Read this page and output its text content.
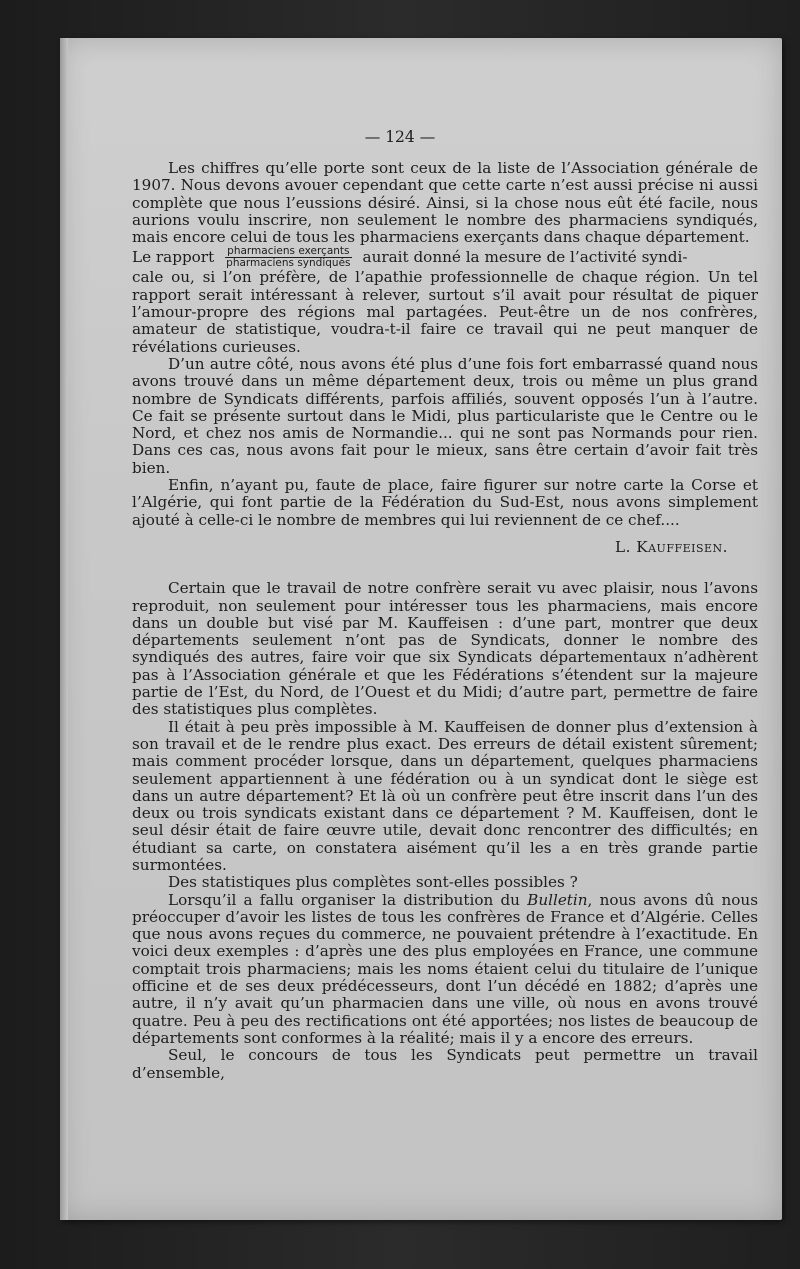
— 124 —

Les chiffres qu’elle porte sont ceux de la liste de l’Association générale de 1907. Nous devons avouer cependant que cette carte n’est aussi précise ni aussi complète que nous l’eussions désiré. Ainsi, si la chose nous eût été facile, nous aurions voulu inscrire, non seulement le nombre des pharmaciens syndiqués, mais encore celui de tous les pharmaciens exerçants dans chaque département.

Le rapport $\frac{\text{pharmaciens exerçants}}{\text{pharmaciens syndiqués}}$ aurait donné la mesure de l’activité syndi-

cale ou, si l’on préfère, de l’apathie professionnelle de chaque région. Un tel rapport serait intéressant à relever, surtout s’il avait pour résultat de piquer l’amour-propre des régions mal partagées. Peut-être un de nos confrères, amateur de statistique, voudra-t-il faire ce travail qui ne peut manquer de révélations curieuses.

D’un autre côté, nous avons été plus d’une fois fort embarrassé quand nous avons trouvé dans un même département deux, trois ou même un plus grand nombre de Syndicats différents, parfois affiliés, souvent opposés l’un à l’autre. Ce fait se présente surtout dans le Midi, plus particulariste que le Centre ou le Nord, et chez nos amis de Normandie... qui ne sont pas Normands pour rien. Dans ces cas, nous avons fait pour le mieux, sans être certain d’avoir fait très bien.

Enfin, n’ayant pu, faute de place, faire figurer sur notre carte la Corse et l’Algérie, qui font partie de la Fédération du Sud-Est, nous avons simplement ajouté à celle-ci le nombre de membres qui lui reviennent de ce chef....

L. Kauffeisen.

Certain que le travail de notre confrère serait vu avec plaisir, nous l’avons reproduit, non seulement pour intéresser tous les pharmaciens, mais encore dans un double but visé par M. Kauffeisen : d’une part, montrer que deux départements seulement n’ont pas de Syndicats, donner le nombre des syndiqués des autres, faire voir que six Syndicats départementaux n’adhèrent pas à l’Association générale et que les Fédérations s’étendent sur la majeure partie de l’Est, du Nord, de l’Ouest et du Midi; d’autre part, permettre de faire des statistiques plus complètes.

Il était à peu près impossible à M. Kauffeisen de donner plus d’extension à son travail et de le rendre plus exact. Des erreurs de détail existent sûrement; mais comment procéder lorsque, dans un département, quelques pharmaciens seulement appartiennent à une fédération ou à un syndicat dont le siège est dans un autre département? Et là où un confrère peut être inscrit dans l’un des deux ou trois syndicats existant dans ce département ? M. Kauffeisen, dont le seul désir était de faire œuvre utile, devait donc rencontrer des difficultés; en étudiant sa carte, on constatera aisément qu’il les a en très grande partie surmontées.

Des statistiques plus complètes sont-elles possibles ?

Lorsqu’il a fallu organiser la distribution du Bulletin, nous avons dû nous préoccuper d’avoir les listes de tous les confrères de France et d’Algérie. Celles que nous avons reçues du commerce, ne pouvaient prétendre à l’exactitude. En voici deux exemples : d’après une des plus employées en France, une commune comptait trois pharmaciens; mais les noms étaient celui du titulaire de l’unique officine et de ses deux prédécesseurs, dont l’un décédé en 1882; d’après une autre, il n’y avait qu’un pharmacien dans une ville, où nous en avons trouvé quatre. Peu à peu des rectifications ont été apportées; nos listes de beaucoup de départements sont conformes à la réalité; mais il y a encore des erreurs.

Seul, le concours de tous les Syndicats peut permettre un travail d’ensemble,
